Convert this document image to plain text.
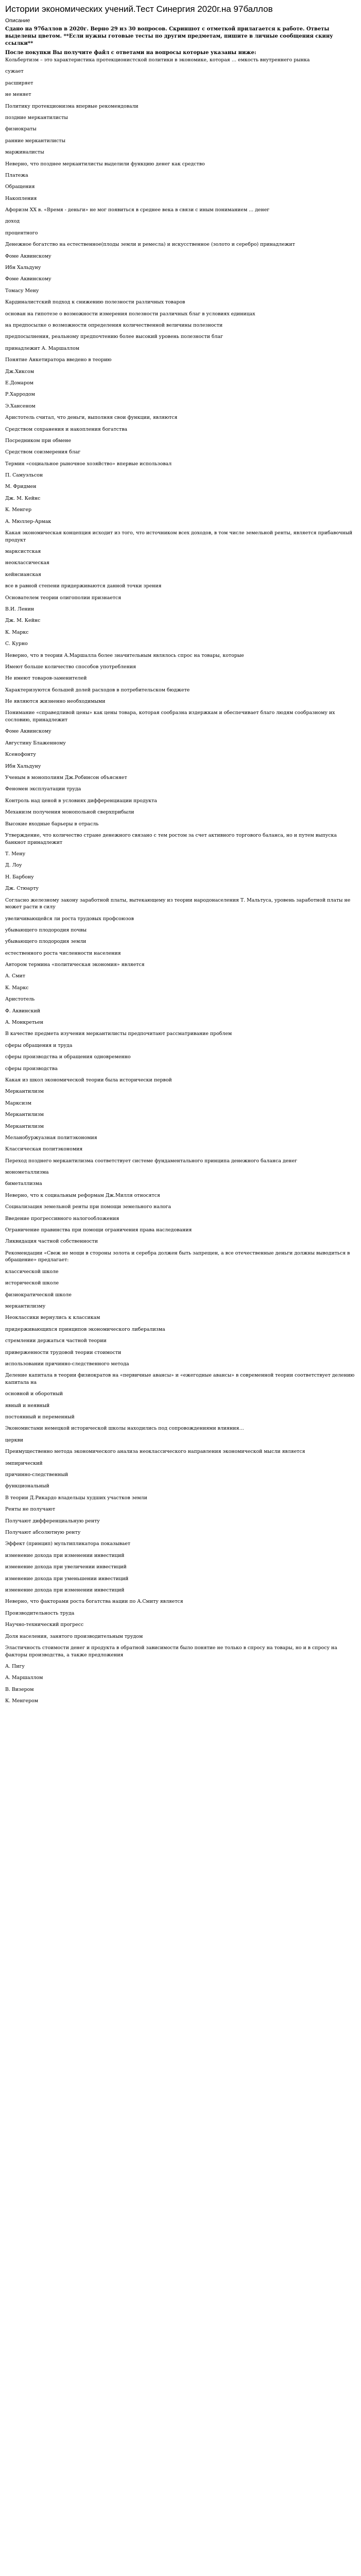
Истории экономических учений.Тест Синергия 2020г.на 97баллов
Описание
Сдано на 97баллов в 2020г. Верно 29 из 30 вопросов. Скриншот с отметкой прилагается к работе. Ответы выделены цветом. **Если нужны готовые тесты по другим предметам, пишите в личные сообщения скину ссылки**
После покупки Вы получите файл с ответами на вопросы которые указаны ниже:
Кольбертизм – это характеристика протекционистской политики в экономике, которая … емкость внутреннего рынка
сужает
расширяет
не меняет
Политику протекционизма впервые рекомендовали
поздние меркантилисты
физиократы
ранние меркантилисты
маржиналисты
Неверно, что позднее меркантилисты выделили функцию денег как средство
Платежа
Обращения
Накопления
Афоризм XX в. «Время - деньги» не мог появиться в среднее века в связи с иным пониманием ... денег
доход
процентного
Денежное богатство на естественное(плоды земли и ремесла) и искусственное (золото и серебро) принадлежит
Фоме Аквинскому
Ибн Хальдуну
Фоме Аквинскому
Томасу Мену
Кардиналистский подход к снижению полезности различных товаров
основан на гипотезе о возможности измерения полезности различных благ в условиях единицах
на предпосылке о возможности определения количественной величины полезности
предпосылнения, реальному предпочтению более высокий уровень полезности благ
принадлежит А. Маршаллом
Понятие Анкетиратора введено в теорию
Дж.Хиксом
Е.Домаром
Р.Харродом
Э.Хансеном
Аристотель считал, что деньги, выполняя свои функции, являются
Средством сохранения и накопления богатства
Посредником при обмене
Средством соизмерения благ
Термин «социальное рыночное хозяйство» впервые использовал
П. Самуэльсон
М. Фридмен
Дж. М. Кейнс
К. Менгер
А. Мюллер-Армак
Какая экономическая концепция исходит из того, что источником всех доходов, в том числе земельной ренты, является прибавочный продукт
марксистская
неоклассическая
кейнсианская
все в равной степени придерживаются данной точки зрения
Основателем теории олигополии признается
В.И. Ленин
Дж. М. Кейнс
К. Маркс
С. Курно
Неверно, что в теории А.Маршалла более значительным являлось спрос на товары, которые
Имеют больше количество способов употребления
Не имеют товаров-заменителей
Характеризуются большей долей расходов в потребительском бюджете
Не являются жизненно необходимыми
Понимание «справедливой цены» как цены товара, которая сообразна издержкам и обеспечивает благо людям сообразному их сословию, принадлежит
Фоме Аквинскому
Августину Блаженному
Ксенофонту
Ибн Хальдуну
Ученым в монополиям Дж.Робинсон объясняет
Феномен эксплуатации труда
Контроль над ценой в условиях дифференциации продукта
Механизм получения монопольной сверхприбыли
Высокие входные барьеры в отрасль
Утверждение, что количество стране денежного связано с тем ростом за счет активного торгового баланса, но и путем выпуска банкнот принадлежит
Т. Мену
Д. Лоу
Н. Барбону
Дж. Стюарту
Согласно железному закону заработной платы, вытекающему из теории народонаселения Т. Мальтуса, уровень заработной платы не может расти в силу
увеличивающейся ли роста трудовых профсоюзов
убывающего плодородия почвы
убывающего плодородия земли
естественного роста численности населения
Автором термина «политическая экономия» является
А. Смит
К. Маркс
Аристотель
Ф. Аквинский
А. Монкретьен
В качестве предмета изучения меркантилисты предпочитают рассматривание проблем
сферы обращения и труда
сферы производства и обращения одновременно
сферы производства
Какая из школ экономической теории была исторически первой
Меркантилизм
Марксизм
Меркантилизм
Меркантилизм
Меланобуржуазная политэкономия
Классическая политэкономия
Переход позднего меркантилизма соответствует системе фундаментального принципа денежного баланса денег
монометаллизма
биметаллизма
Неверно, что к социальным реформам Дж.Милля относятся
Социализация земельной ренты при помощи земельного налога
Введение прогрессивного налогообложения
Ограничение правинства при помощи ограничения права наследования
Ликвидация частной собственности
Рекомендации «Свеж не мощи в стороны золота и серебра должен быть запрещен, а все отечественные деньги должны выводиться в обращение» предлагает:
классической школе
исторической школе
физиократической школе
меркантилизму
Неоклассики вернулись к классикам
придерживающихся принципов экономического либерализма
стремлении держаться частной теории
приверженности трудовой теории стоимости
использовании причинно-следственного метода
Деление капитала в теории физиократов на «первичные авансы» и «ежегодные авансы» в современной теории соответствует делению капитала на
основной и оборотный
явный и неявный
постоянный и переменный
Экономистами немецкой исторической школы находились под сопровождениями влияния…
церкви
Преимущественно метода экономического анализа неоклассического направления экономической мысли является
эмпирический
причинно-следственный
функциональный
В теории Д.Рикардо владельцы худших участков земли
Ренты не получают
Получают дифференциальную ренту
Получают абсолютную ренту
Эффект (принцип) мультипликатора показывает
изменение дохода при изменении инвестиций
изменение дохода при увеличении инвестиций
изменение дохода при уменьшении инвестиций
изменение дохода при изменении инвестиций
Неверно, что факторами роста богатства нации по А.Смиту является
Производительность труда
Научно-технический прогресс
Доля населения, занятого производительным трудом
Эластичность стоимости денег и продукта в обратной зависимости было понятие не только в спросу на товары, но и в спросу на факторы производства, а также предложения
А. Пигу
А. Маршаллом
В. Визером
К. Менгером
